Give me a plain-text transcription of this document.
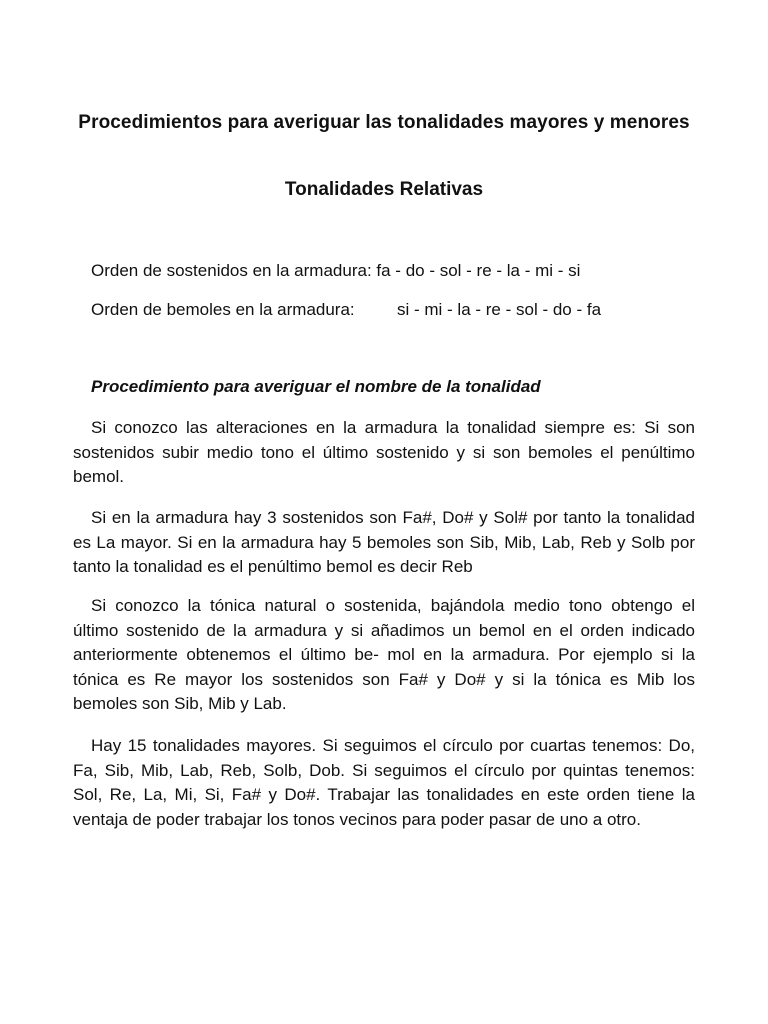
Procedimientos para averiguar las tonalidades mayores y menores
Tonalidades Relativas
Orden de sostenidos en la armadura: fa - do - sol - re - la - mi - si
Orden de bemoles en la armadura: si - mi - la - re - sol - do - fa
Procedimiento para averiguar el nombre de la tonalidad

Si conozco las alteraciones en la armadura la tonalidad siempre es: Si son sostenidos subir medio tono el último sostenido y si son bemoles el penúltimo bemol.

Si en la armadura hay 3 sostenidos son Fa#, Do# y Sol# por tanto la tonalidad es La mayor. Si en la armadura hay 5 bemoles son Sib, Mib, Lab, Reb y Solb por tanto la tonalidad es el penúltimo bemol es decir Reb

Si conozco la tónica natural o sostenida, bajándola medio tono obtengo el último sostenido de la armadura y si añadimos un bemol en el orden indicado anteriormente obtenemos el último be- mol en la armadura. Por ejemplo si la tónica es Re mayor los sostenidos son Fa# y Do# y si la tónica es Mib los bemoles son Sib, Mib y Lab.

Hay 15 tonalidades mayores. Si seguimos el círculo por cuartas tenemos: Do, Fa, Sib, Mib, Lab, Reb, Solb, Dob. Si seguimos el círculo por quintas tenemos: Sol, Re, La, Mi, Si, Fa# y Do#. Trabajar las tonalidades en este orden tiene la ventaja de poder trabajar los tonos vecinos para poder pasar de uno a otro.
